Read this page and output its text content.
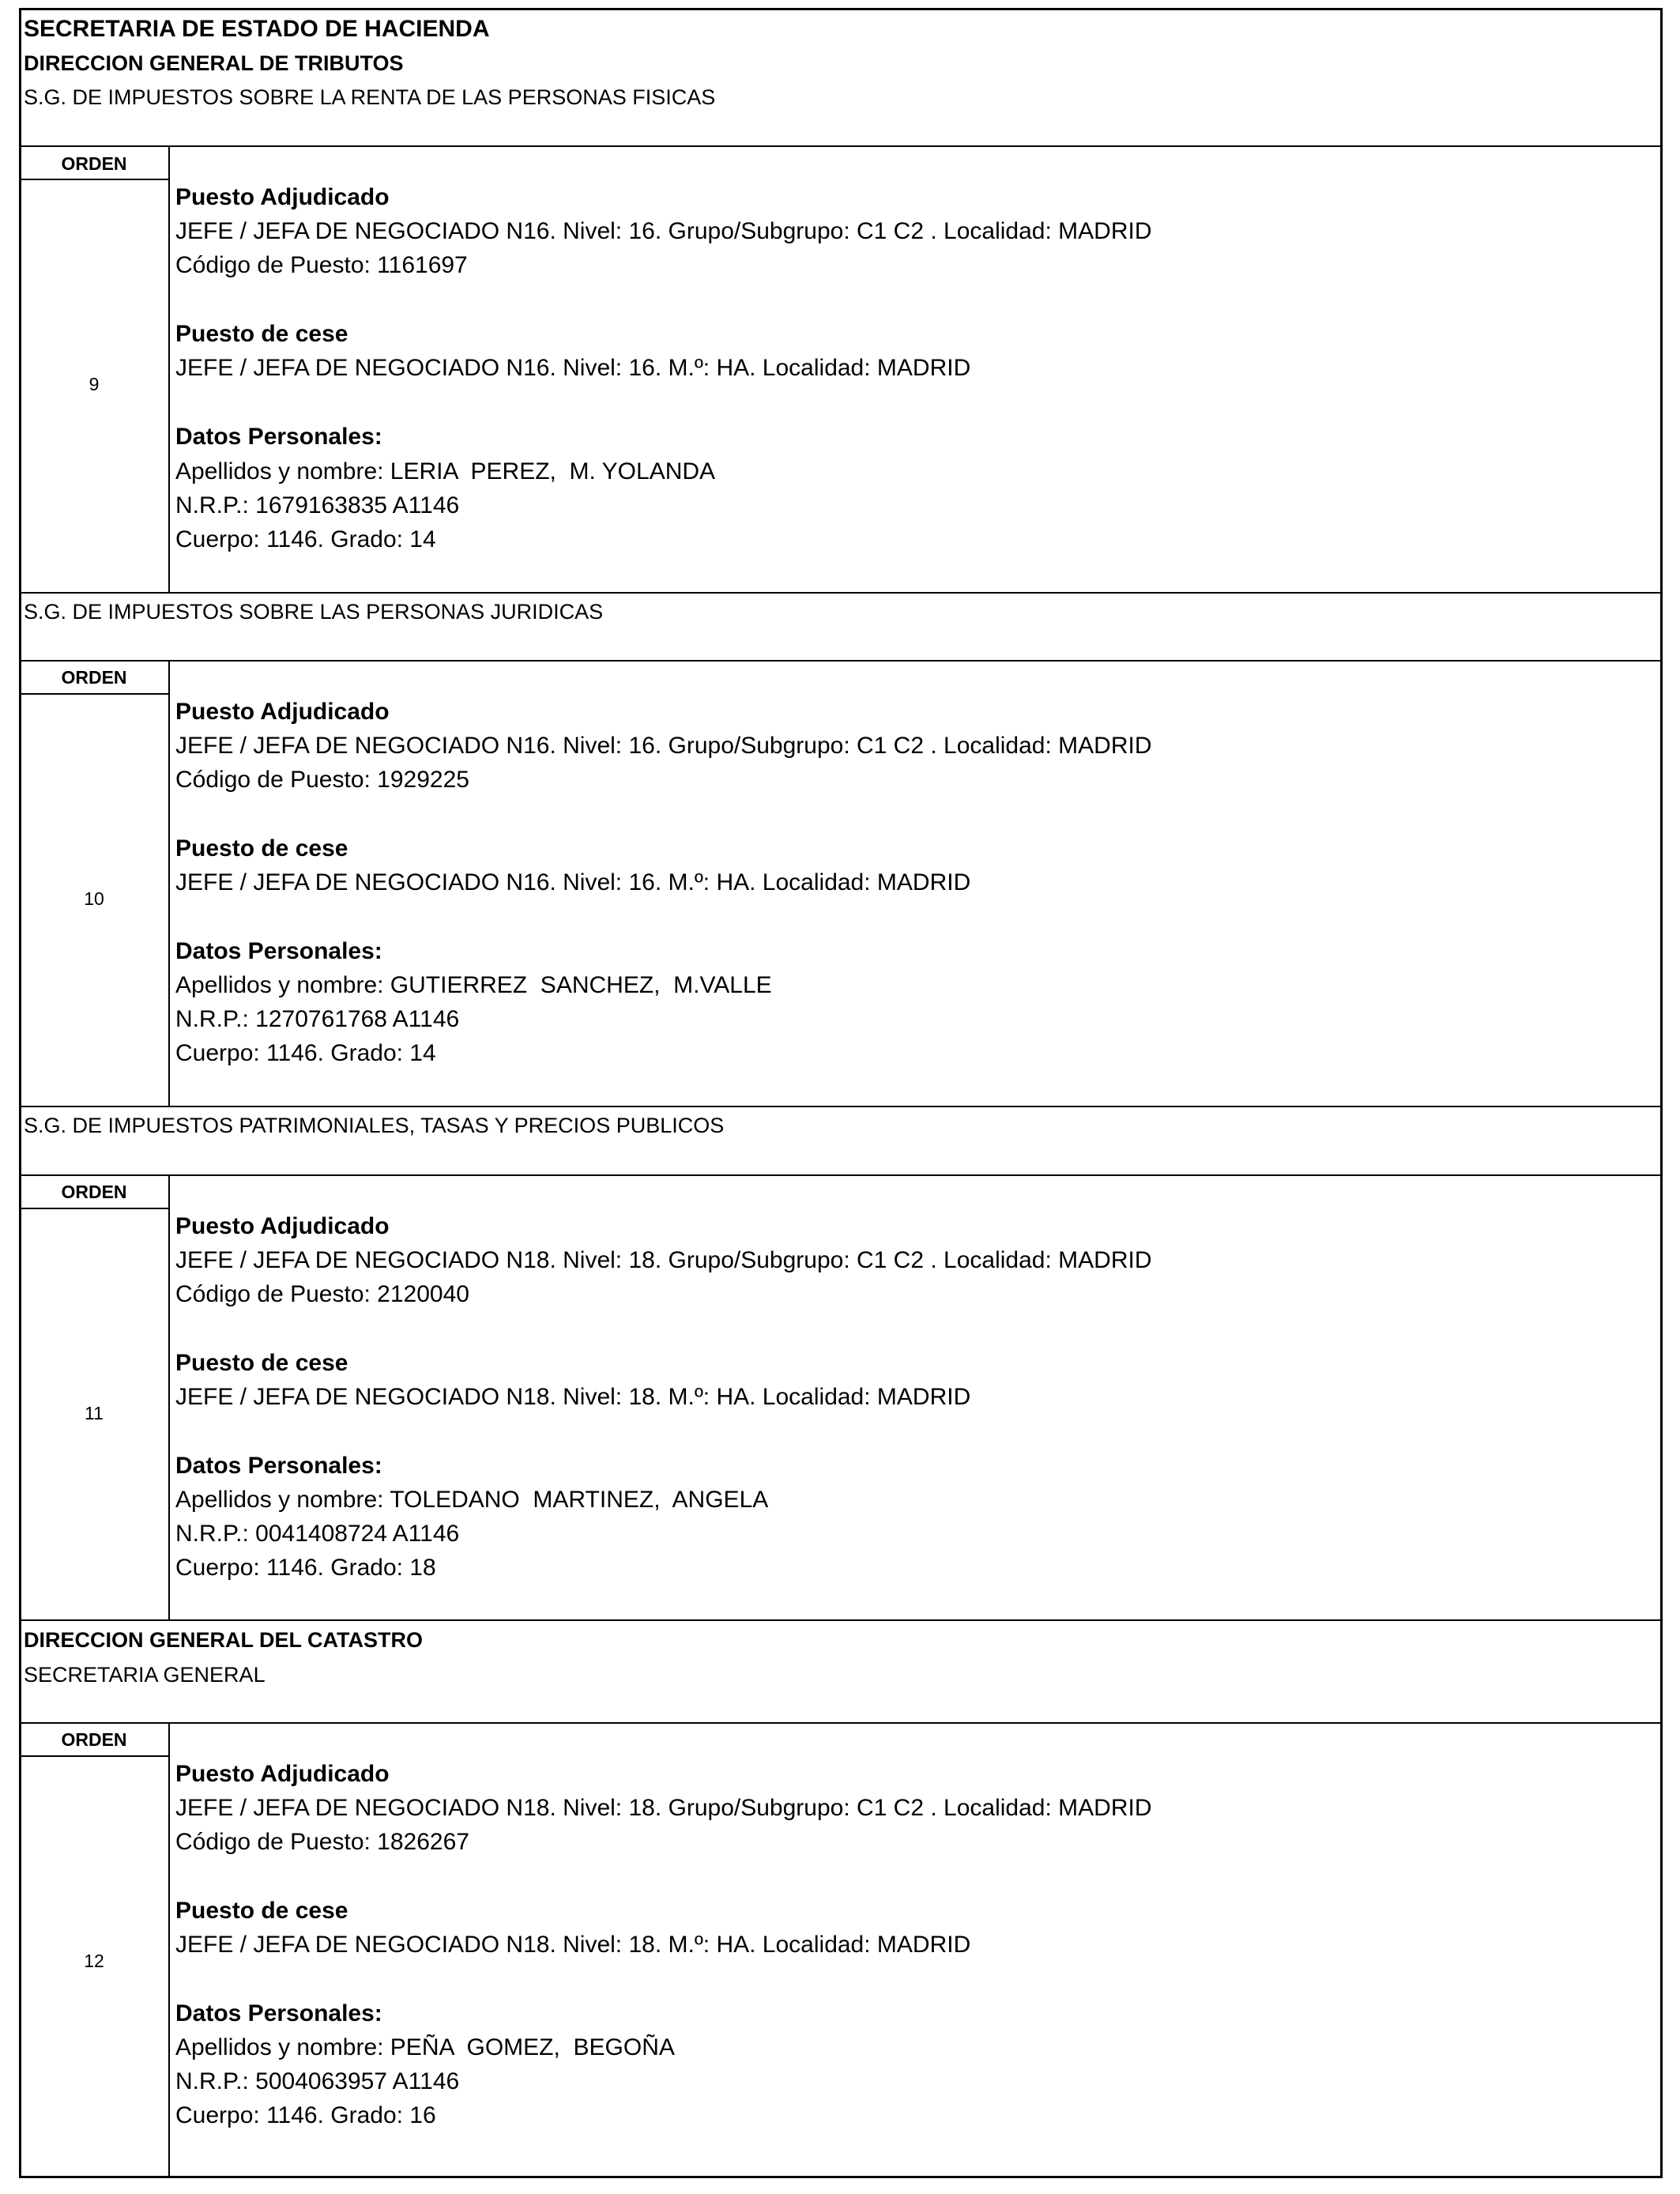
SECRETARIA DE ESTADO DE HACIENDA
DIRECCION GENERAL DE TRIBUTOS
S.G. DE IMPUESTOS SOBRE LA RENTA DE LAS PERSONAS FISICAS
ORDEN
9
Puesto Adjudicado
JEFE / JEFA DE NEGOCIADO N16. Nivel: 16. Grupo/Subgrupo: C1 C2 . Localidad: MADRID
Código de Puesto: 1161697
Puesto de cese
JEFE / JEFA DE NEGOCIADO N16. Nivel: 16. M.º: HA. Localidad: MADRID
Datos Personales:
Apellidos y nombre: LERIA  PEREZ,  M. YOLANDA
N.R.P.: 1679163835 A1146
Cuerpo: 1146. Grado: 14
S.G. DE IMPUESTOS SOBRE LAS PERSONAS JURIDICAS
ORDEN
10
Puesto Adjudicado
JEFE / JEFA DE NEGOCIADO N16. Nivel: 16. Grupo/Subgrupo: C1 C2 . Localidad: MADRID
Código de Puesto: 1929225
Puesto de cese
JEFE / JEFA DE NEGOCIADO N16. Nivel: 16. M.º: HA. Localidad: MADRID
Datos Personales:
Apellidos y nombre: GUTIERREZ  SANCHEZ,  M.VALLE
N.R.P.: 1270761768 A1146
Cuerpo: 1146. Grado: 14
S.G. DE IMPUESTOS PATRIMONIALES, TASAS Y PRECIOS PUBLICOS
ORDEN
11
Puesto Adjudicado
JEFE / JEFA DE NEGOCIADO N18. Nivel: 18. Grupo/Subgrupo: C1 C2 . Localidad: MADRID
Código de Puesto: 2120040
Puesto de cese
JEFE / JEFA DE NEGOCIADO N18. Nivel: 18. M.º: HA. Localidad: MADRID
Datos Personales:
Apellidos y nombre: TOLEDANO  MARTINEZ,  ANGELA
N.R.P.: 0041408724 A1146
Cuerpo: 1146. Grado: 18
DIRECCION GENERAL DEL CATASTRO
SECRETARIA GENERAL
ORDEN
12
Puesto Adjudicado
JEFE / JEFA DE NEGOCIADO N18. Nivel: 18. Grupo/Subgrupo: C1 C2 . Localidad: MADRID
Código de Puesto: 1826267
Puesto de cese
JEFE / JEFA DE NEGOCIADO N18. Nivel: 18. M.º: HA. Localidad: MADRID
Datos Personales:
Apellidos y nombre: PEÑA  GOMEZ,  BEGOÑA
N.R.P.: 5004063957 A1146
Cuerpo: 1146. Grado: 16
